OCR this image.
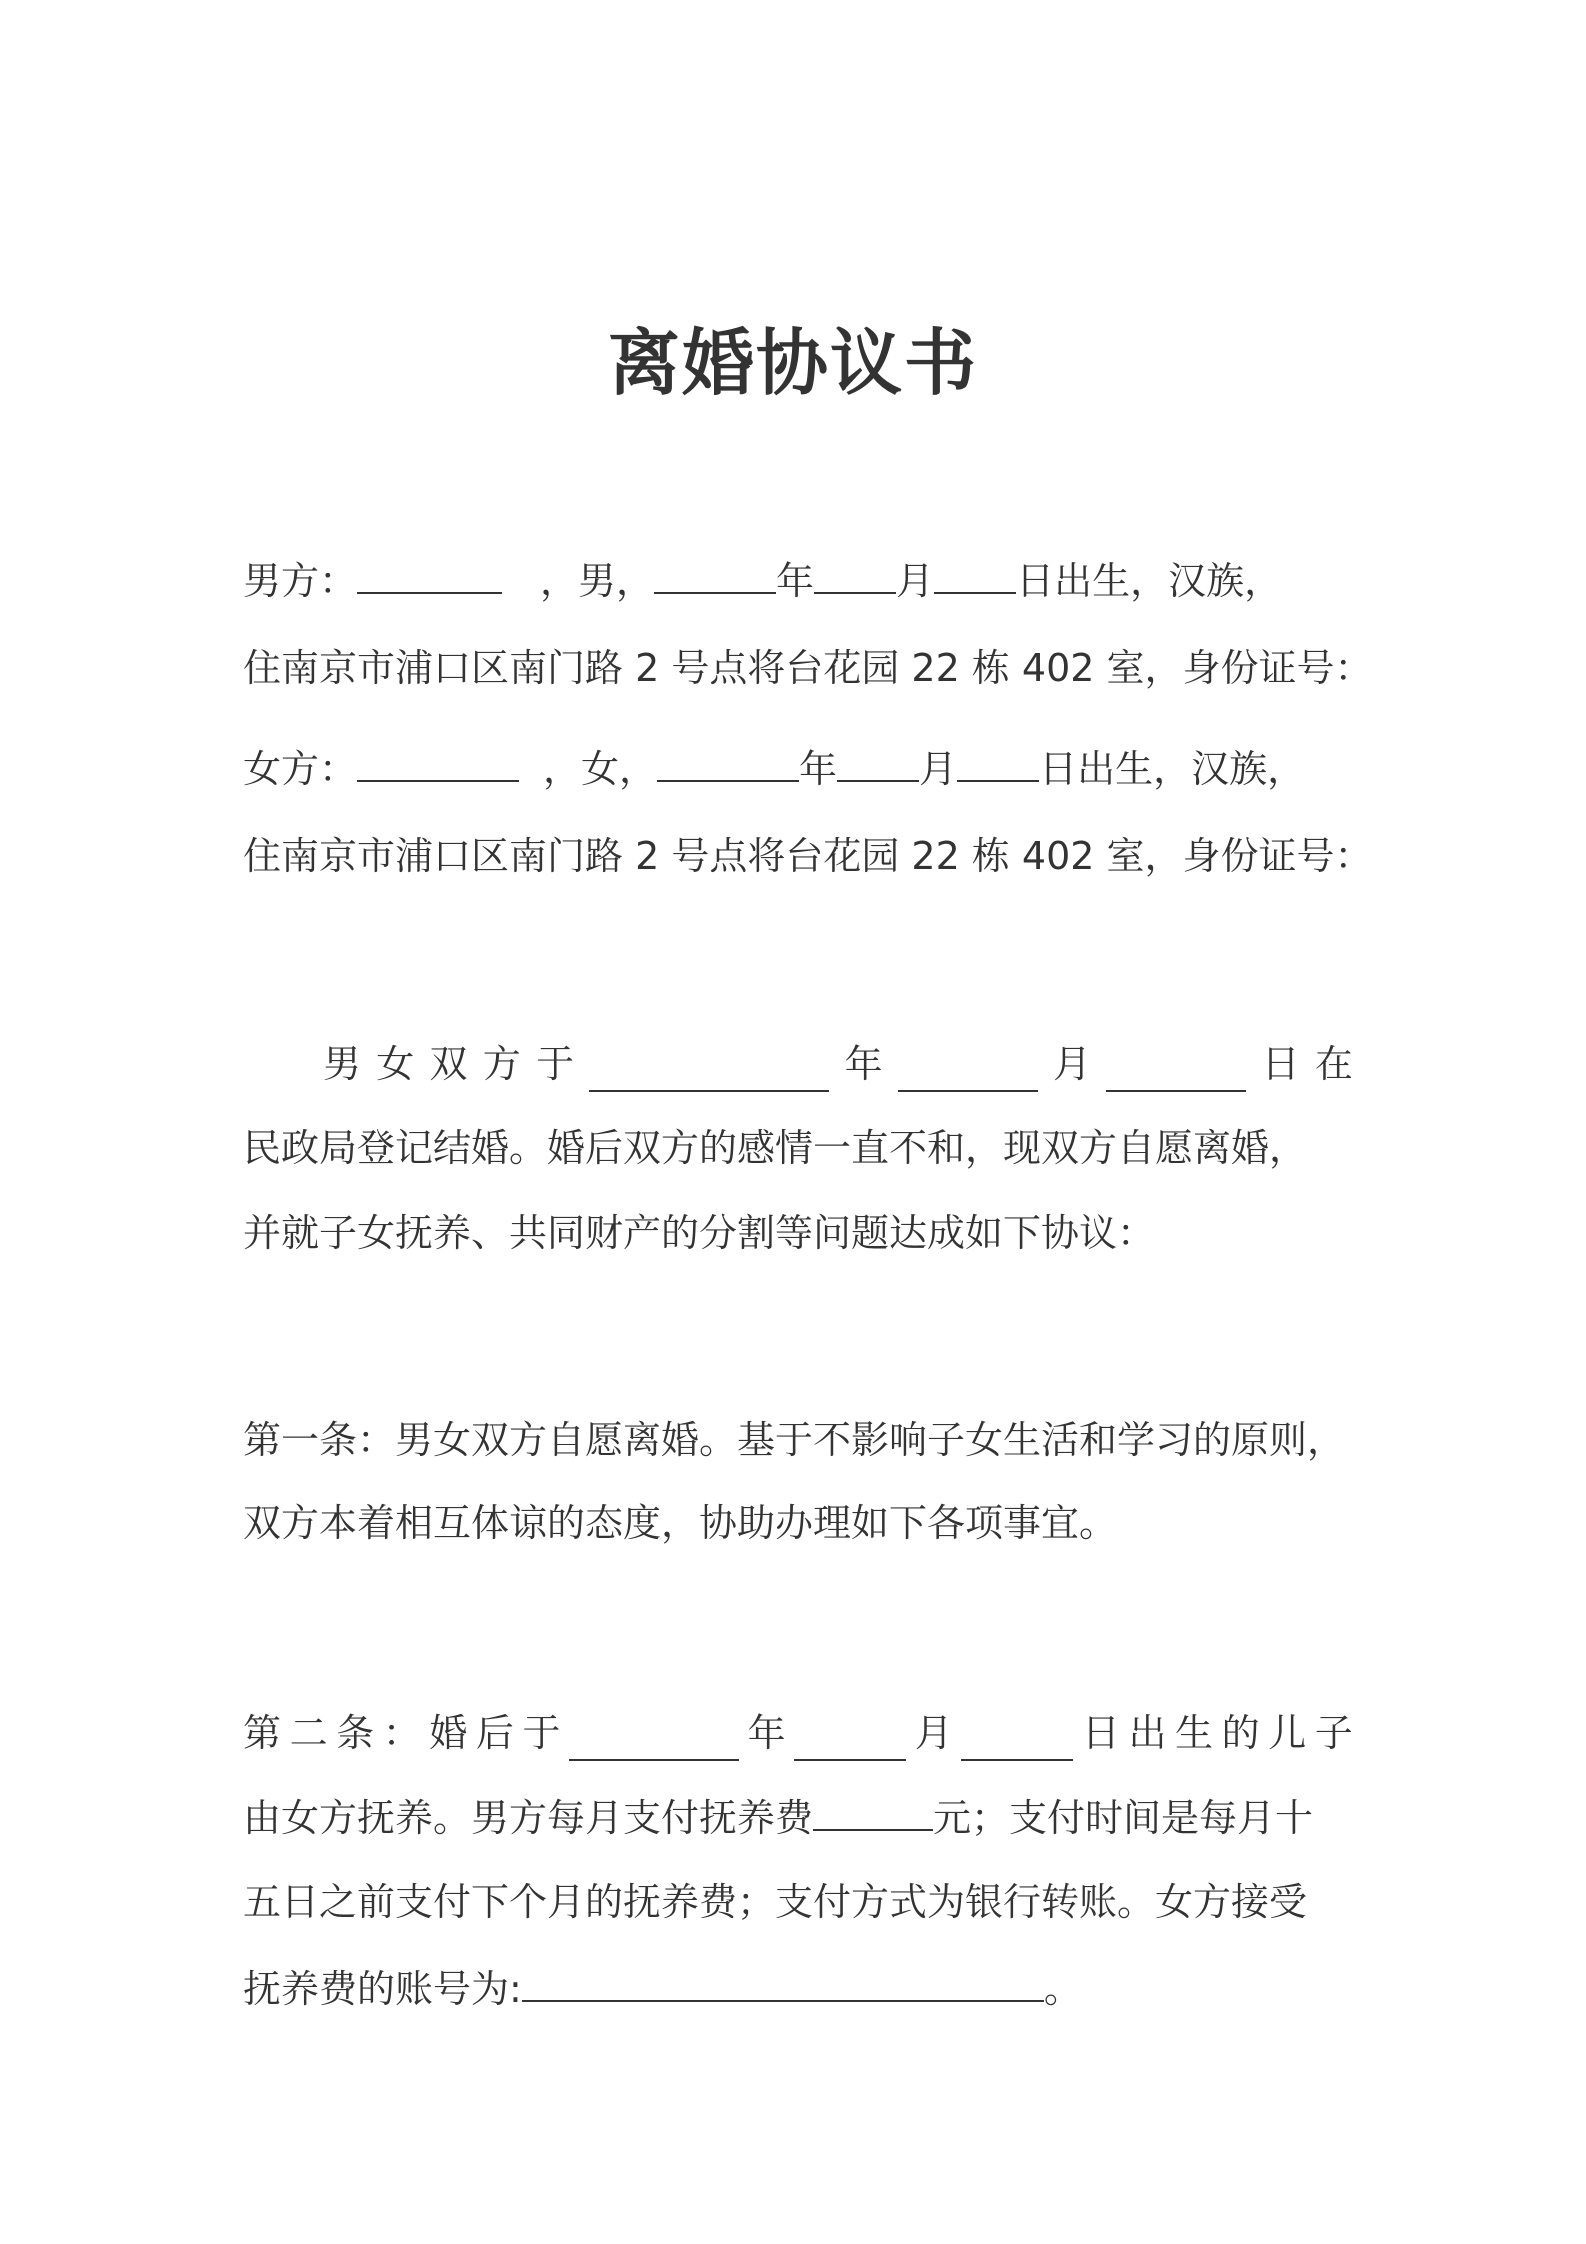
离婚协议书
男方：	，男，	年 月 日出生，汉族，
住南京市浦口区南门路 2 号点将台花园 22 栋 402 室，身份证号：
女方：	，女，	年 月 日出生，汉族，
住南京市浦口区南门路 2 号点将台花园 22 栋 402 室，身份证号：
男 女 双 方 于	年	月	日 在
民政局登记结婚。婚后双方的感情一直不和，现双方自愿离婚，
并就子女抚养、共同财产的分割等问题达成如下协议：
第一条：男女双方自愿离婚。基于不影响子女生活和学习的原则，
双方本着相互体谅的态度，协助办理如下各项事宜。
第 二 条 ： 婚 后 于	年	月	日 出 生 的 儿 子
由女方抚养。男方每月支付抚养费	元；支付时间是每月十
五日之前支付下个月的抚养费；支付方式为银行转账。女方接受
抚养费的账号为:	。
